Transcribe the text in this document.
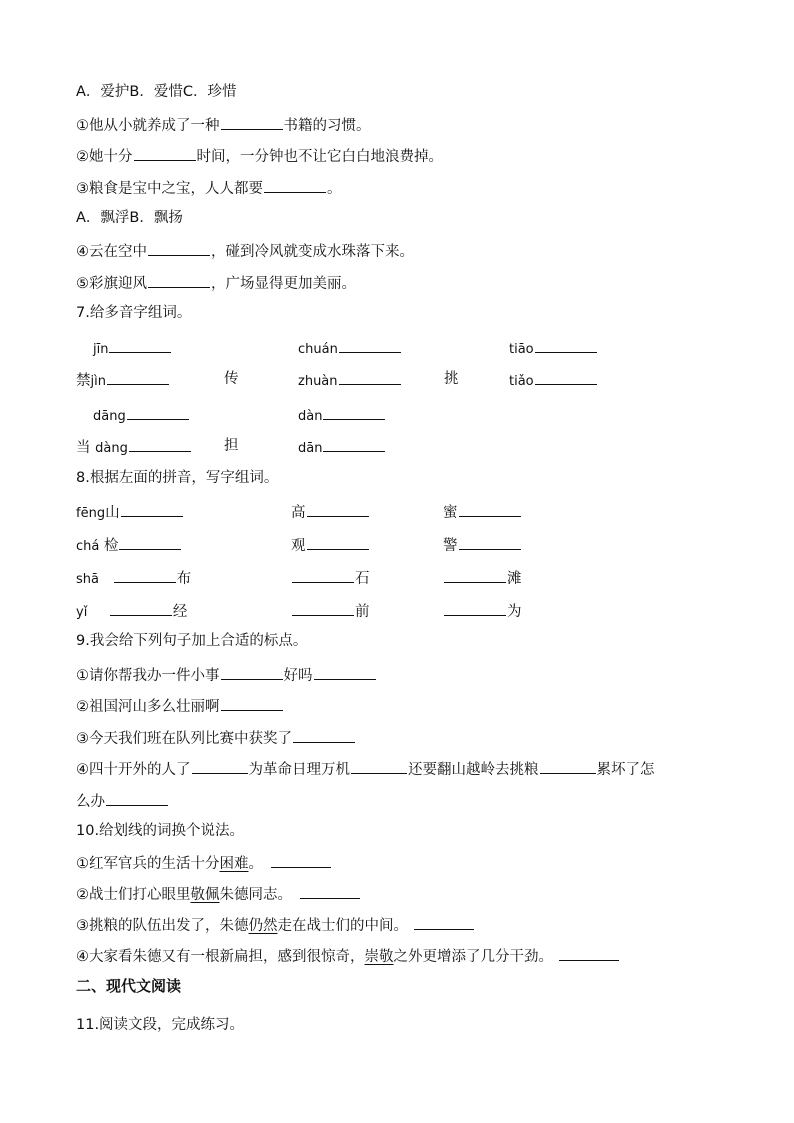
A．爱护B．爱惜C．珍惜
①他从小就养成了一种	书籍的习惯。
②她十分	时间，一分钟也不让它白白地浪费掉。
③粮食是宝中之宝，人人都要	。
A．飘浮B．飘扬
④云在空中	，碰到冷风就变成水珠落下来。
⑤彩旗迎风	，广场显得更加美丽。
7.给多音字组词。
jīn	chuán	tiāo
禁jìn	传	zhuàn	挑	tiǎo
dāng	dàn
当 dàng	担	dān
8.根据左面的拼音，写字组词。
fēng山	高	蜜
chá 检	观	警
shā	布	石	滩
yǐ	经	前	为
9.我会给下列句子加上合适的标点。
①请你帮我办一件小事	好吗
②祖国河山多么壮丽啊
③今天我们班在队列比赛中获奖了
④四十开外的人了	为革命日理万机	还要翻山越岭去挑粮	累坏了怎
么办
10.给划线的词换个说法。
①红军官兵的生活十分困难。
②战士们打心眼里敬佩朱德同志。
③挑粮的队伍出发了，朱德仍然走在战士们的中间。
④大家看朱德又有一根新扁担，感到很惊奇，崇敬之外更增添了几分干劲。
二、现代文阅读
11.阅读文段，完成练习。
